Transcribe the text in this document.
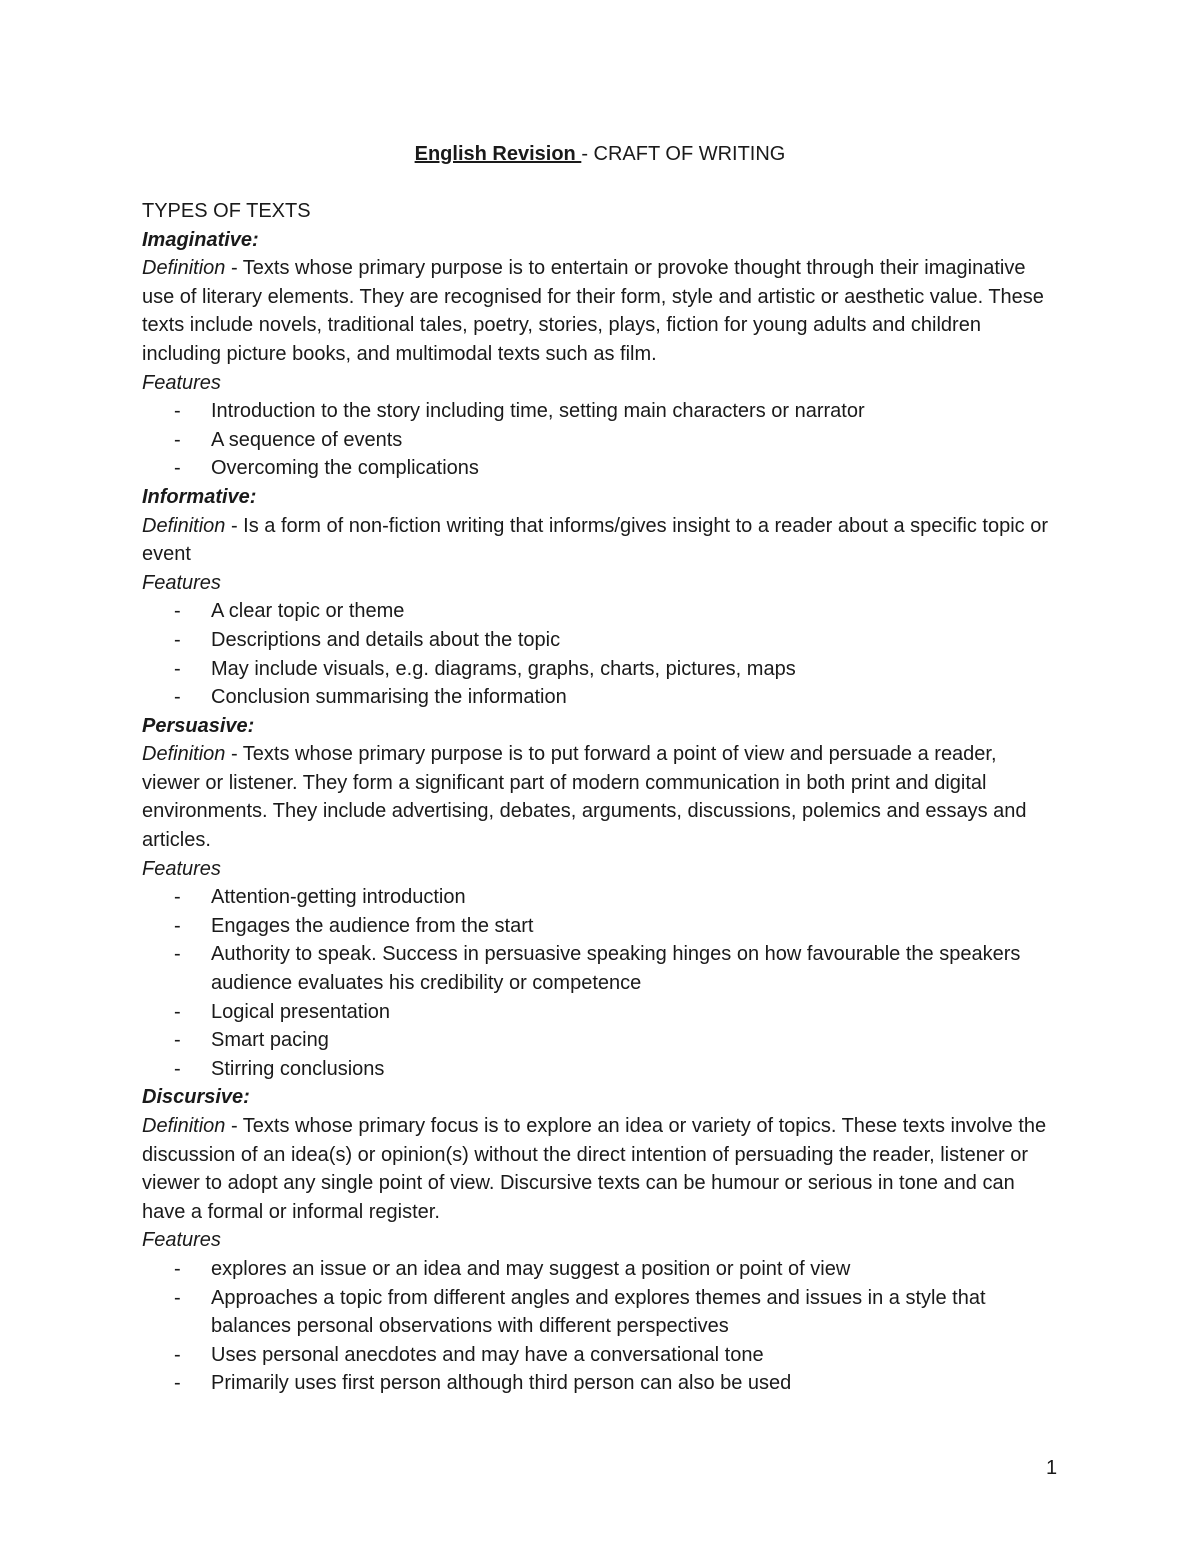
English Revision - CRAFT OF WRITING

TYPES OF TEXTS

Imaginative:

Definition - Texts whose primary purpose is to entertain or provoke thought through their imaginative use of literary elements. They are recognised for their form, style and artistic or aesthetic value. These texts include novels, traditional tales, poetry, stories, plays, fiction for young adults and children including picture books, and multimodal texts such as film.

Features

- Introduction to the story including time, setting main characters or narrator
- A sequence of events
- Overcoming the complications

Informative:

Definition - Is a form of non-fiction writing that informs/gives insight to a reader about a specific topic or event

Features

- A clear topic or theme
- Descriptions and details about the topic
- May include visuals, e.g. diagrams, graphs, charts, pictures, maps
- Conclusion summarising the information

Persuasive:

Definition - Texts whose primary purpose is to put forward a point of view and persuade a reader, viewer or listener. They form a significant part of modern communication in both print and digital environments. They include advertising, debates, arguments, discussions, polemics and essays and articles.

Features

- Attention-getting introduction
- Engages the audience from the start
- Authority to speak. Success in persuasive speaking hinges on how favourable the speakers audience evaluates his credibility or competence
- Logical presentation
- Smart pacing
- Stirring conclusions

Discursive:

Definition - Texts whose primary focus is to explore an idea or variety of topics. These texts involve the discussion of an idea(s) or opinion(s) without the direct intention of persuading the reader, listener or viewer to adopt any single point of view. Discursive texts can be humour or serious in tone and can have a formal or informal register.

Features

- explores an issue or an idea and may suggest a position or point of view
- Approaches a topic from different angles and explores themes and issues in a style that balances personal observations with different perspectives
- Uses personal anecdotes and may have a conversational tone
- Primarily uses first person although third person can also be used
1
